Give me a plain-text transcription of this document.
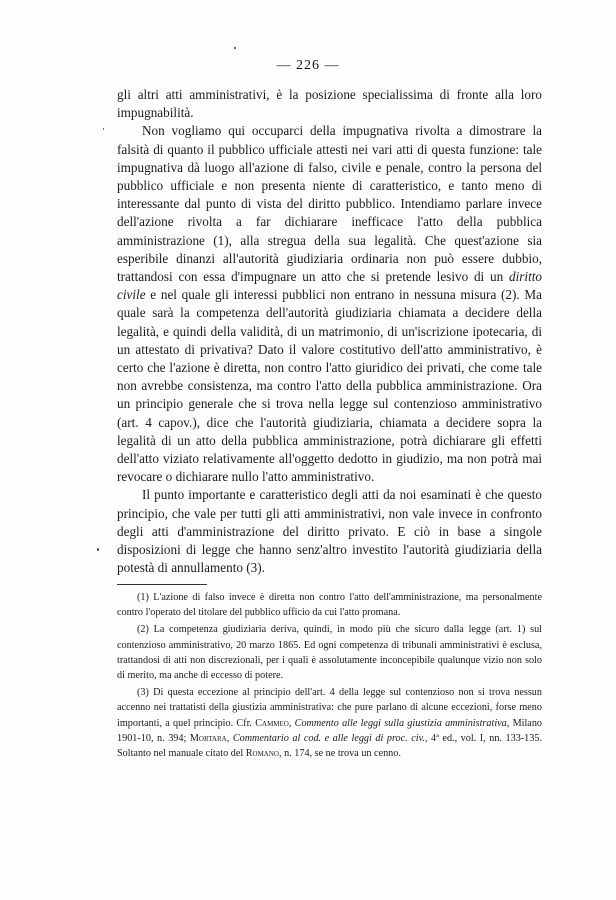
— 226 —

gli altri atti amministrativi, è la posizione specialissima di fronte alla loro impugnabilità.

Non vogliamo qui occuparci della impugnativa rivolta a dimostrare la falsità di quanto il pubblico ufficiale attesti nei vari atti di questa funzione: tale impugnativa dà luogo all'azione di falso, civile e penale, contro la persona del pubblico ufficiale e non presenta niente di caratteristico, e tanto meno di interessante dal punto di vista del diritto pubblico. Intendiamo parlare invece dell'azione rivolta a far dichiarare inefficace l'atto della pubblica amministrazione (1), alla stregua della sua legalità. Che quest'azione sia esperibile dinanzi all'autorità giudiziaria ordinaria non può essere dubbio, trattandosi con essa d'impugnare un atto che si pretende lesivo di un diritto civile e nel quale gli interessi pubblici non entrano in nessuna misura (2). Ma quale sarà la competenza dell'autorità giudiziaria chiamata a decidere della legalità, e quindi della validità, di un matrimonio, di un'iscrizione ipotecaria, di un attestato di privativa? Dato il valore costitutivo dell'atto amministrativo, è certo che l'azione è diretta, non contro l'atto giuridico dei privati, che come tale non avrebbe consistenza, ma contro l'atto della pubblica amministrazione. Ora un principio generale che si trova nella legge sul contenzioso amministrativo (art. 4 capov.), dice che l'autorità giudiziaria, chiamata a decidere sopra la legalità di un atto della pubblica amministrazione, potrà dichiarare gli effetti dell'atto viziato relativamente all'oggetto dedotto in giudizio, ma non potrà mai revocare o dichiarare nullo l'atto amministrativo.

Il punto importante e caratteristico degli atti da noi esaminati è che questo principio, che vale per tutti gli atti amministrativi, non vale invece in confronto degli atti d'amministrazione del diritto privato. E ciò in base a singole disposizioni di legge che hanno senz'altro investito l'autorità giudiziaria della potestà di annullamento (3).

(1) L'azione di falso invece è diretta non contro l'atto dell'amministrazione, ma personalmente contro l'operato del titolare del pubblico ufficio da cui l'atto promana.

(2) La competenza giudiziaria deriva, quindi, in modo più che sicuro dalla legge (art. 1) sul contenzioso amministrativo, 20 marzo 1865. Ed ogni competenza di tribunali amministrativi è esclusa, trattandosi di atti non discrezionali, per i quali è assolutamente inconcepibile qualunque vizio non solo di merito, ma anche di eccesso di potere.

(3) Di questa eccezione al principio dell'art. 4 della legge sul contenzioso non si trova nessun accenno nei trattatisti della giustizia amministrativa: che pure parlano di alcune eccezioni, forse meno importanti, a quel principio. Cfr. Cammeo, Commento alle leggi sulla giustizia amministrativa, Milano 1901-10, n. 394; Mortara, Commentario al cod. e alle leggi di proc. civ., 4ª ed., vol. I, nn. 133-135. Soltanto nel manuale citato del Romano, n. 174, se ne trova un cenno.
